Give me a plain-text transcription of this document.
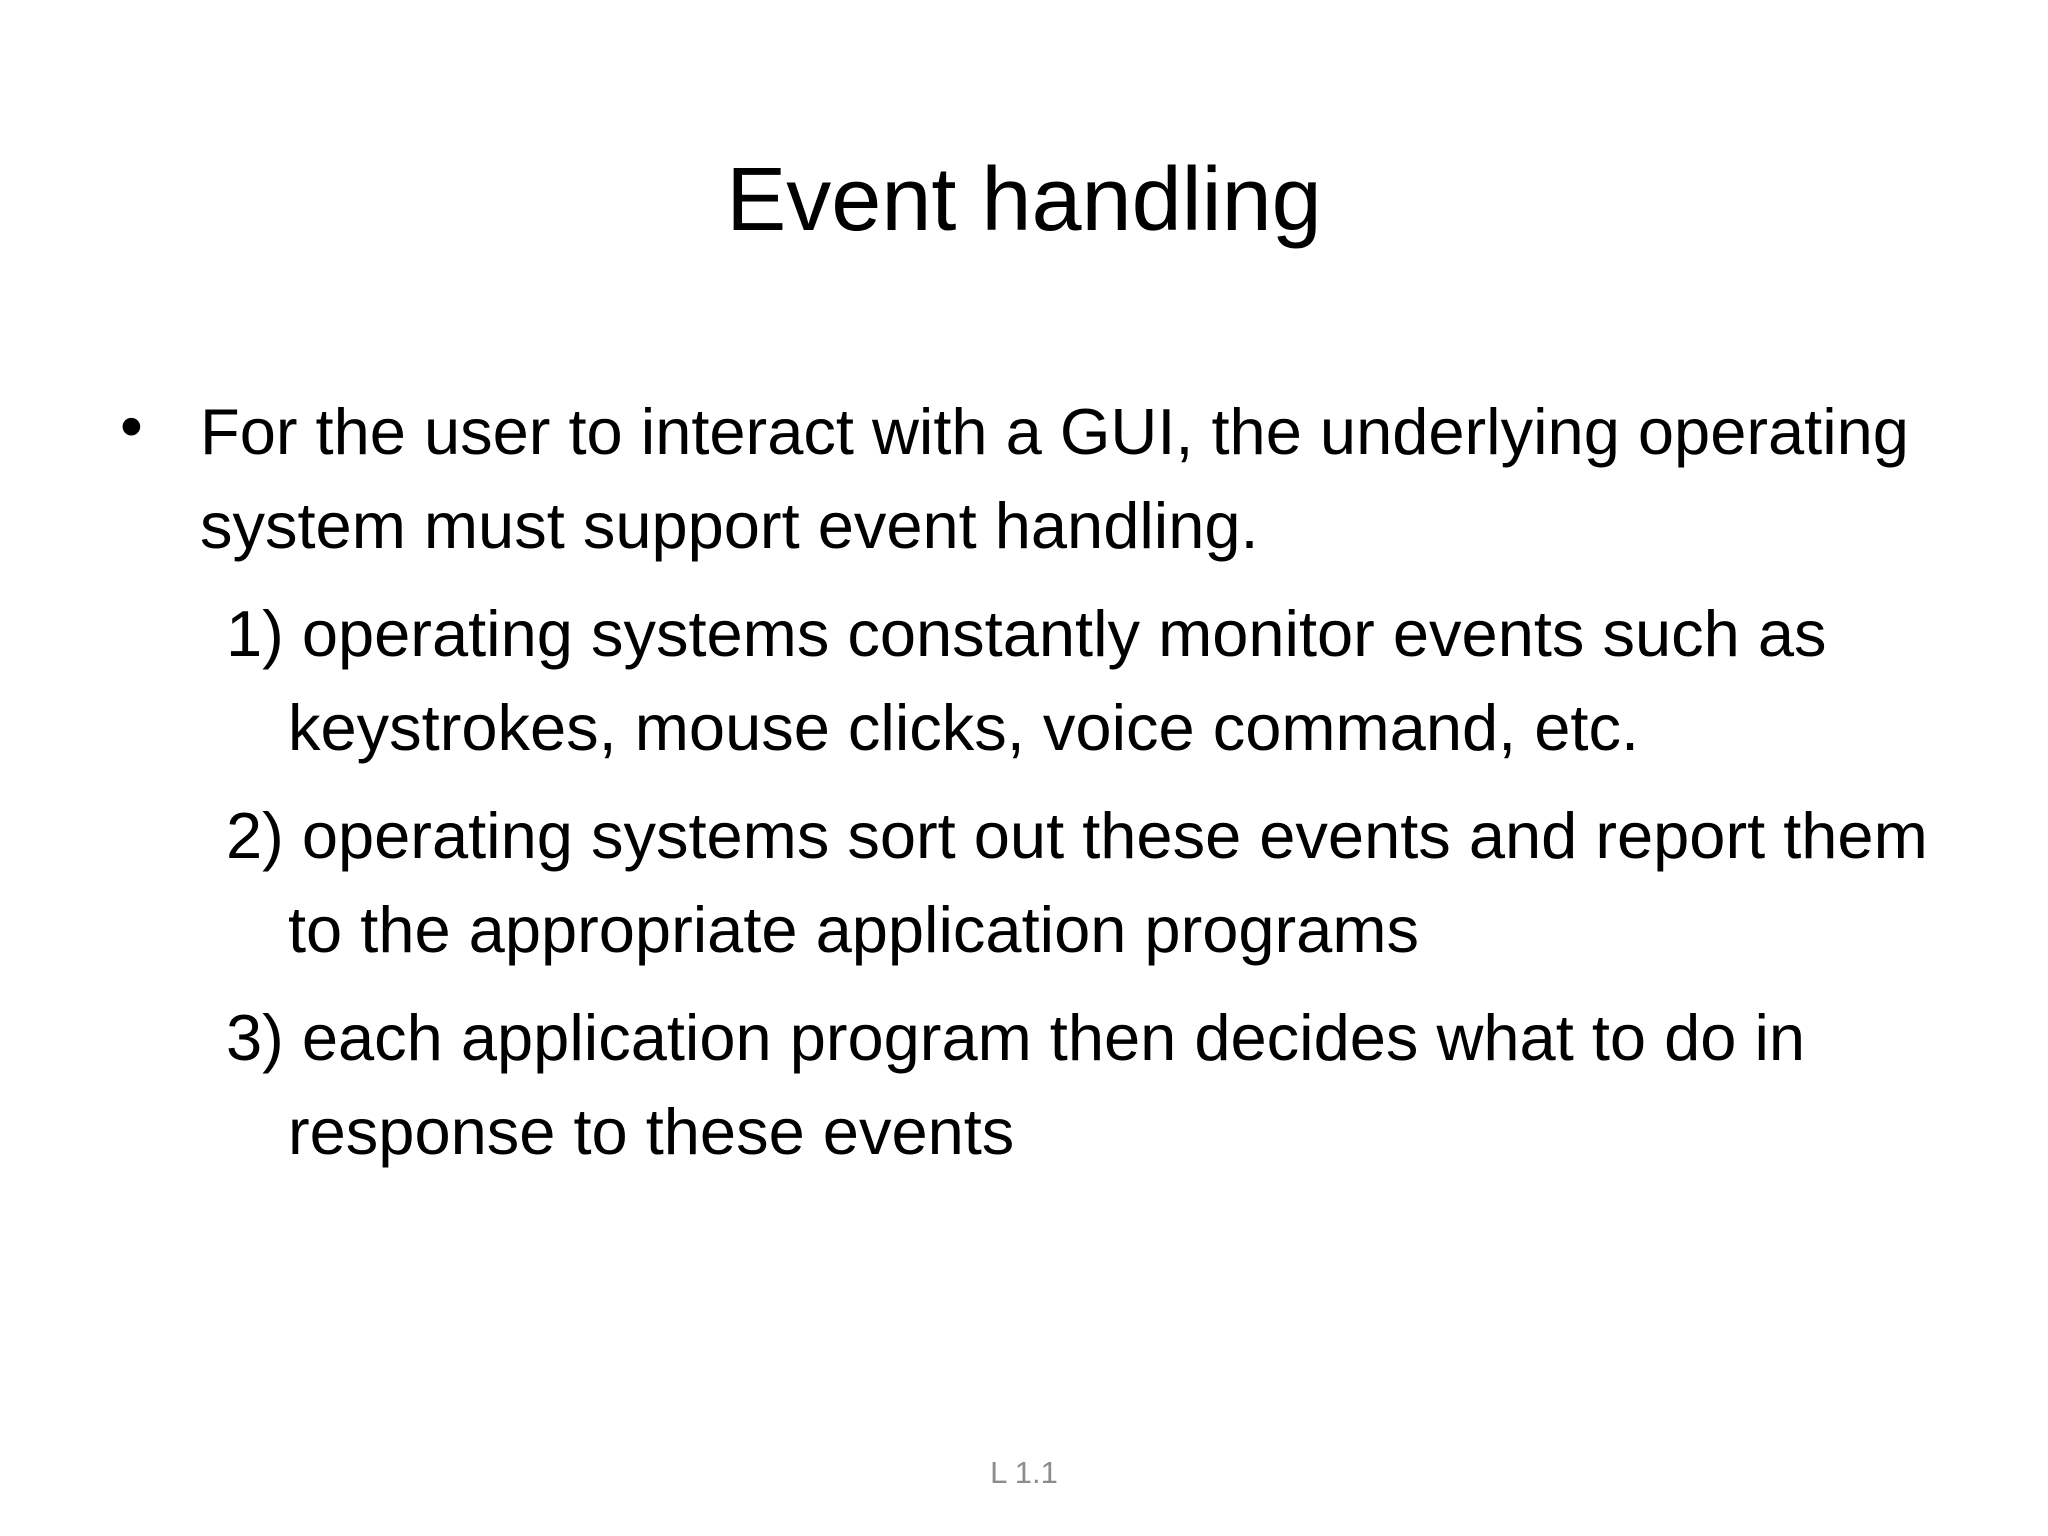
Event handling
• For the user to interact with a GUI, the underlying operating system must support event handling.
1) operating systems constantly monitor events such as keystrokes, mouse clicks, voice command, etc.
2) operating systems sort out these events and report them to the appropriate application programs
3) each application program then decides what to do in response to these events
L 1.1
